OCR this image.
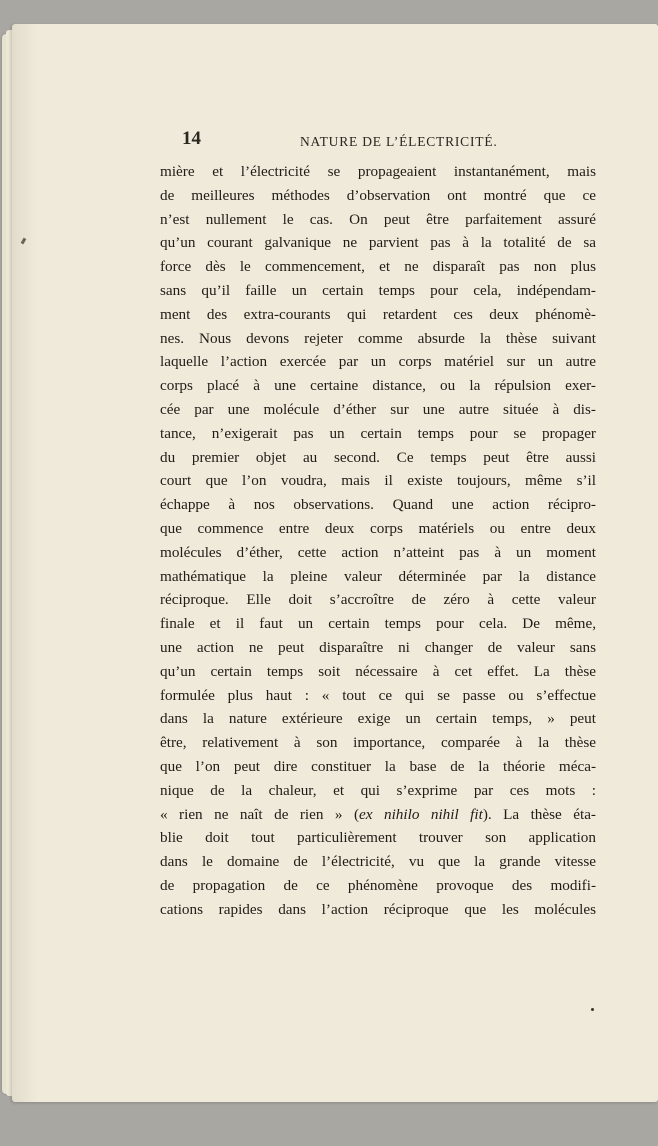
14	NATURE DE L’ÉLECTRICITÉ.
mière et l’électricité se propageaient instantanément, mais
de meilleures méthodes d’observation ont montré que ce
n’est nullement le cas. On peut être parfaitement assuré
qu’un courant galvanique ne parvient pas à la totalité de sa
force dès le commencement, et ne disparaît pas non plus
sans qu’il faille un certain temps pour cela, indépendam-
ment des extra-courants qui retardent ces deux phénomè-
nes. Nous devons rejeter comme absurde la thèse suivant
laquelle l’action exercée par un corps matériel sur un autre
corps placé à une certaine distance, ou la répulsion exer-
cée par une molécule d’éther sur une autre située à dis-
tance, n’exigerait pas un certain temps pour se propager
du premier objet au second. Ce temps peut être aussi
court que l’on voudra, mais il existe toujours, même s’il
échappe à nos observations. Quand une action récipro-
que commence entre deux corps matériels ou entre deux
molécules d’éther, cette action n’atteint pas à un moment
mathématique la pleine valeur déterminée par la distance
réciproque. Elle doit s’accroître de zéro à cette valeur
finale et il faut un certain temps pour cela. De même,
une action ne peut disparaître ni changer de valeur sans
qu’un certain temps soit nécessaire à cet effet. La thèse
formulée plus haut : « tout ce qui se passe ou s’effectue
dans la nature extérieure exige un certain temps, » peut
être, relativement à son importance, comparée à la thèse
que l’on peut dire constituer la base de la théorie méca-
nique de la chaleur, et qui s’exprime par ces mots :
« rien ne naît de rien » (ex nihilo nihil fit). La thèse éta-
blie doit tout particulièrement trouver son application
dans le domaine de l’électricité, vu que la grande vitesse
de propagation de ce phénomène provoque des modifi-
cations rapides dans l’action réciproque que les molécules
